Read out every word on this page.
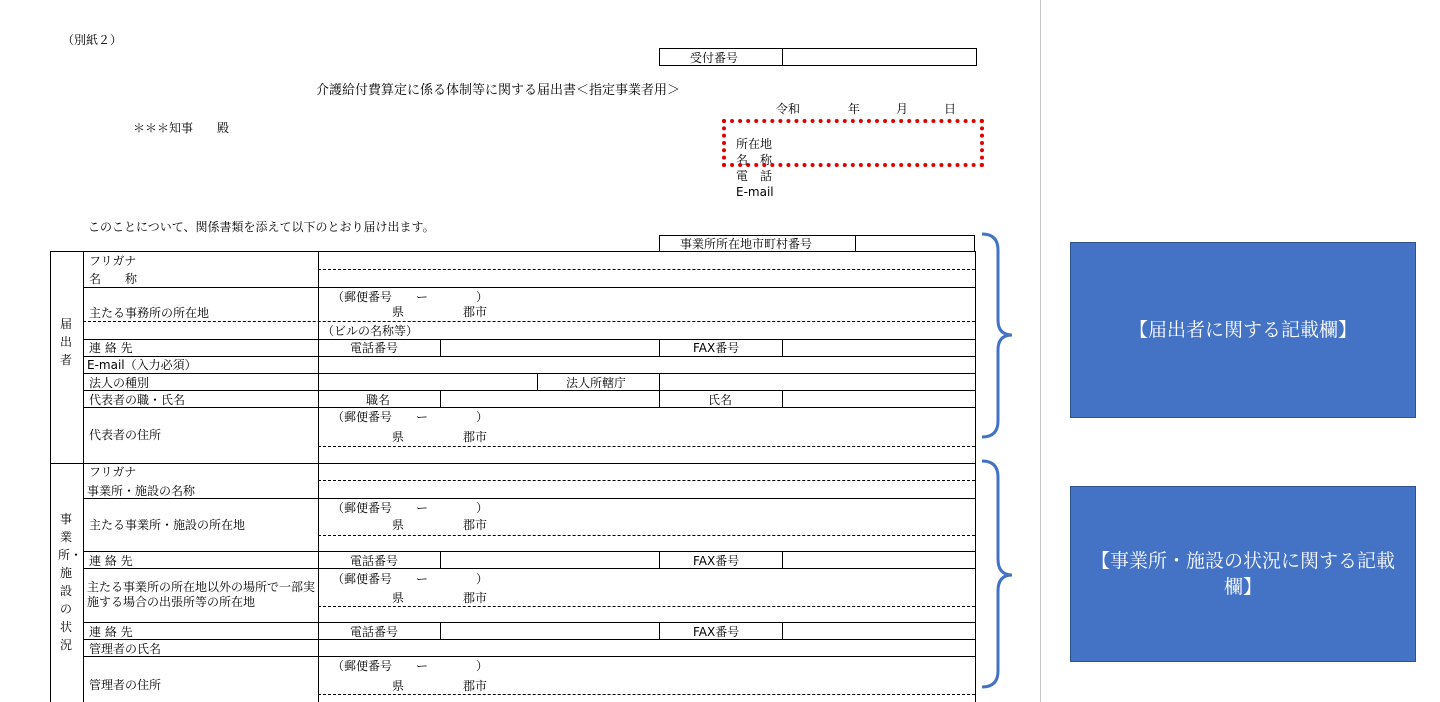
（別紙２）
受付番号
介護給付費算定に係る体制等に関する届出書＜指定事業者用＞
令和　　　　年　　　月　　　日
＊＊＊知事　　殿
所在地
名　称
電　話
E-mail
このことについて、関係書類を添えて以下のとおり届け出ます。
事業所所在地市町村番号
届出者
事業所・施設の状況
フリガナ
名　　称
主たる事務所の所在地
（郵便番号　　ー　　　　）
県	郡市
（ビルの名称等）
連 絡 先	電話番号	FAX番号
E-mail（入力必須）
法人の種別	法人所轄庁
代表者の職・氏名	職名	氏名
代表者の住所
（郵便番号　　ー　　　　）
県	郡市
フリガナ
事業所・施設の名称
主たる事業所・施設の所在地
（郵便番号　　ー　　　　）
県	郡市
連 絡 先	電話番号	FAX番号
主たる事業所の所在地以外の場所で一部実施する場合の出張所等の所在地
（郵便番号　　ー　　　　）
県	郡市
連 絡 先	電話番号	FAX番号
管理者の氏名
管理者の住所
（郵便番号　　ー　　　　）
県	郡市
【届出者に関する記載欄】
【事業所・施設の状況に関する記載欄】
